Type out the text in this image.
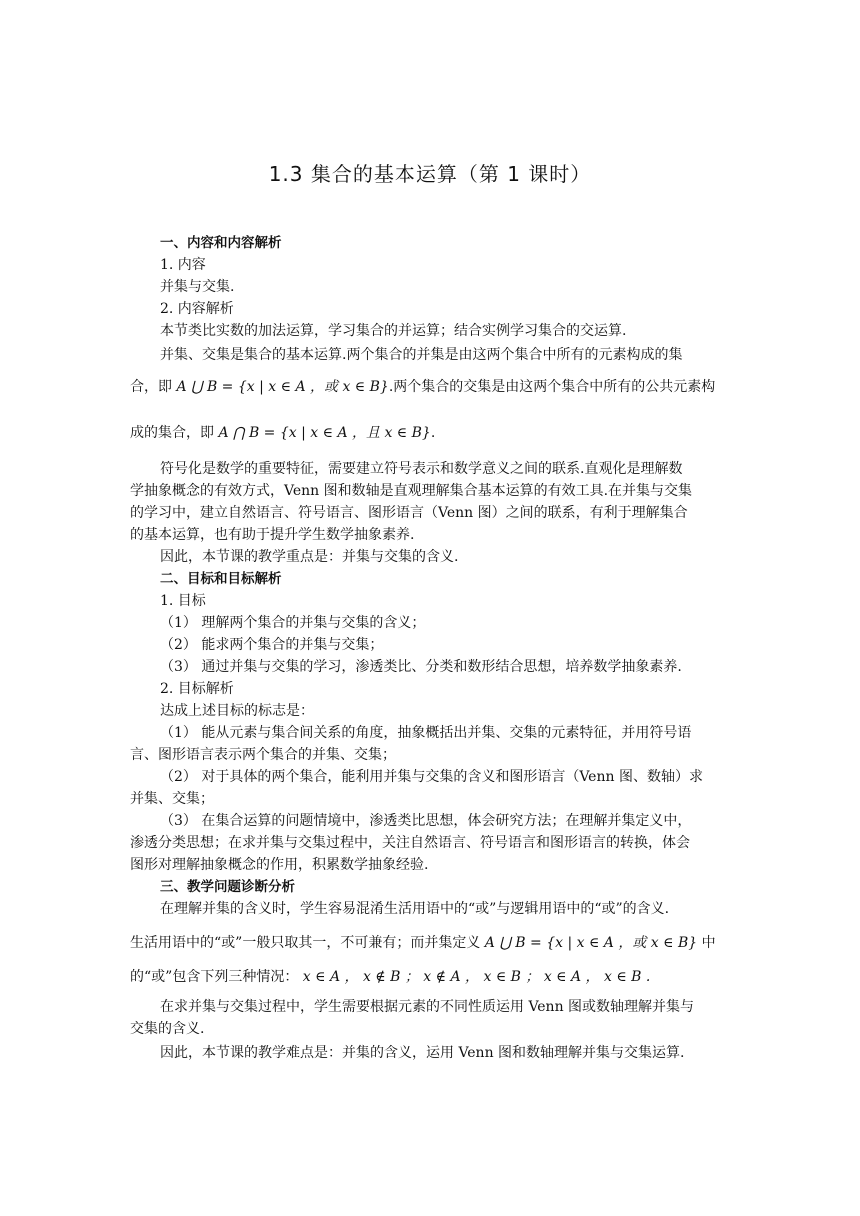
1.3 集合的基本运算（第 1 课时）
一、内容和内容解析
1. 内容
并集与交集.
2. 内容解析
本节类比实数的加法运算，学习集合的并运算；结合实例学习集合的交运算.
并集、交集是集合的基本运算.两个集合的并集是由这两个集合中所有的元素构成的集
合，即 A ⋃ B = {x | x ∈ A ，或 x ∈ B}.两个集合的交集是由这两个集合中所有的公共元素构
成的集合，即 A ⋂ B = {x | x ∈ A ，且 x ∈ B}.
符号化是数学的重要特征，需要建立符号表示和数学意义之间的联系.直观化是理解数
学抽象概念的有效方式，Venn 图和数轴是直观理解集合基本运算的有效工具.在并集与交集
的学习中，建立自然语言、符号语言、图形语言（Venn 图）之间的联系，有利于理解集合
的基本运算，也有助于提升学生数学抽象素养.
因此，本节课的教学重点是：并集与交集的含义.
二、目标和目标解析
1. 目标
（1） 理解两个集合的并集与交集的含义；
（2） 能求两个集合的并集与交集；
（3） 通过并集与交集的学习，渗透类比、分类和数形结合思想，培养数学抽象素养.
2. 目标解析
达成上述目标的标志是：
（1） 能从元素与集合间关系的角度，抽象概括出并集、交集的元素特征，并用符号语
言、图形语言表示两个集合的并集、交集；
（2） 对于具体的两个集合，能利用并集与交集的含义和图形语言（Venn 图、数轴）求
并集、交集；
（3） 在集合运算的问题情境中，渗透类比思想，体会研究方法；在理解并集定义中，
渗透分类思想；在求并集与交集过程中，关注自然语言、符号语言和图形语言的转换，体会
图形对理解抽象概念的作用，积累数学抽象经验.
三、教学问题诊断分析
在理解并集的含义时，学生容易混淆生活用语中的“或”与逻辑用语中的“或”的含义.
生活用语中的“或”一般只取其一，不可兼有；而并集定义 A ⋃ B = {x | x ∈ A ，或 x ∈ B} 中
的“或”包含下列三种情况： x ∈ A ， x ∉ B ； x ∉ A ， x ∈ B ； x ∈ A ， x ∈ B .
在求并集与交集过程中，学生需要根据元素的不同性质运用 Venn 图或数轴理解并集与
交集的含义.
因此，本节课的教学难点是：并集的含义，运用 Venn 图和数轴理解并集与交集运算.
